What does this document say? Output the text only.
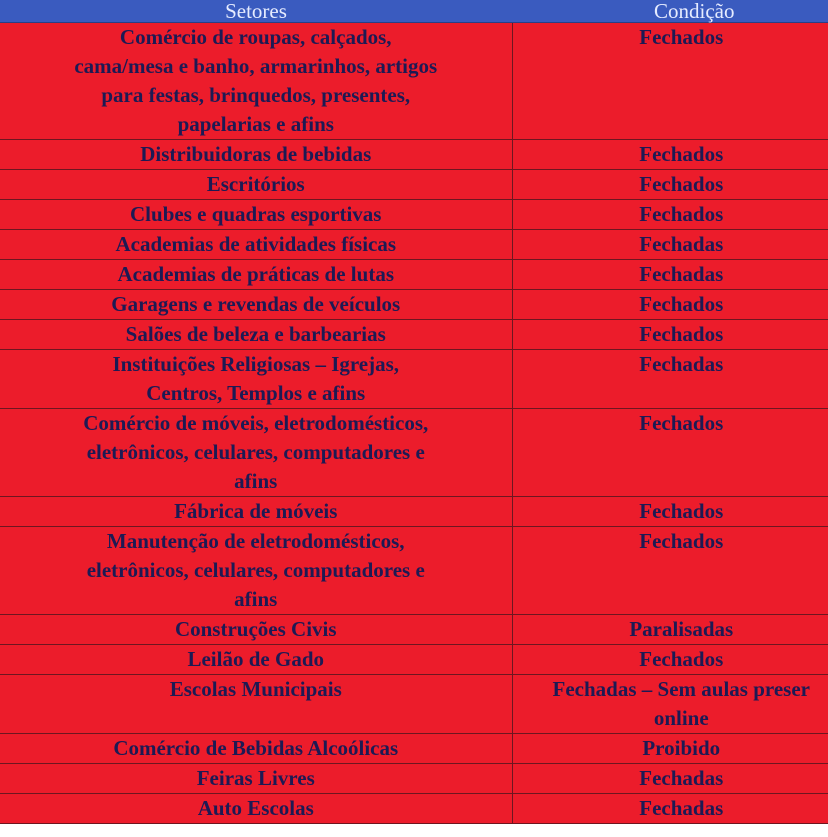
Setores	Condição
Comércio de roupas, calçados,
cama/mesa e banho, armarinhos, artigos
para festas, brinquedos, presentes,
papelarias e afins	Fechados
Distribuidoras de bebidas	Fechados
Escritórios	Fechados
Clubes e quadras esportivas	Fechados
Academias de atividades físicas	Fechadas
Academias de práticas de lutas	Fechadas
Garagens e revendas de veículos	Fechados
Salões de beleza e barbearias	Fechados
Instituições Religiosas – Igrejas,
Centros, Templos e afins	Fechadas
Comércio de móveis, eletrodomésticos,
eletrônicos, celulares, computadores e
afins	Fechados
Fábrica de móveis	Fechados
Manutenção de eletrodomésticos,
eletrônicos, celulares, computadores e
afins	Fechados
Construções Civis	Paralisadas
Leilão de Gado	Fechados
Escolas Municipais	Fechadas – Sem aulas preser
online
Comércio de Bebidas Alcoólicas	Proibido
Feiras Livres	Fechadas
Auto Escolas	Fechadas
